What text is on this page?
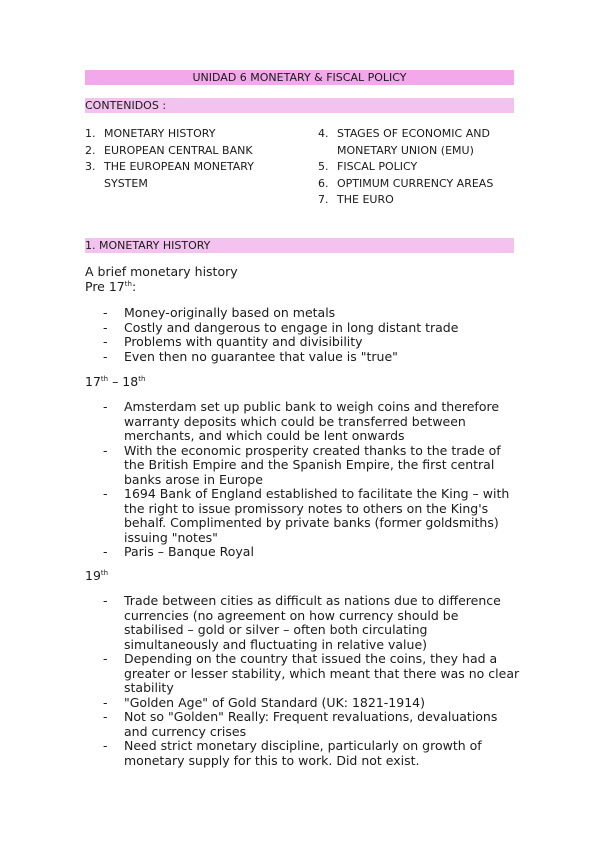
UNIDAD 6 MONETARY & FISCAL POLICY
CONTENIDOS :
1. MONETARY HISTORY
2. EUROPEAN CENTRAL BANK
3. THE EUROPEAN MONETARY SYSTEM
4. STAGES OF ECONOMIC AND MONETARY UNION (EMU)
5. FISCAL POLICY
6. OPTIMUM CURRENCY AREAS
7. THE EURO
1. MONETARY HISTORY
A brief monetary history
Pre 17th:
-	Money-originally based on metals
-	Costly and dangerous to engage in long distant trade
-	Problems with quantity and divisibility
-	Even then no guarantee that value is "true"
17th – 18th
-	Amsterdam set up public bank to weigh coins and therefore warranty deposits which could be transferred between merchants, and which could be lent onwards
-	With the economic prosperity created thanks to the trade of the British Empire and the Spanish Empire, the first central banks arose in Europe
-	1694 Bank of England established to facilitate the King – with the right to issue promissory notes to others on the King's behalf. Complimented by private banks (former goldsmiths) issuing "notes"
-	Paris – Banque Royal
19th
-	Trade between cities as difficult as nations due to difference currencies (no agreement on how currency should be stabilised – gold or silver – often both circulating simultaneously and fluctuating in relative value)
-	Depending on the country that issued the coins, they had a greater or lesser stability, which meant that there was no clear stability
-	"Golden Age" of Gold Standard (UK: 1821-1914)
-	Not so "Golden" Really: Frequent revaluations, devaluations and currency crises
-	Need strict monetary discipline, particularly on growth of monetary supply for this to work. Did not exist.
